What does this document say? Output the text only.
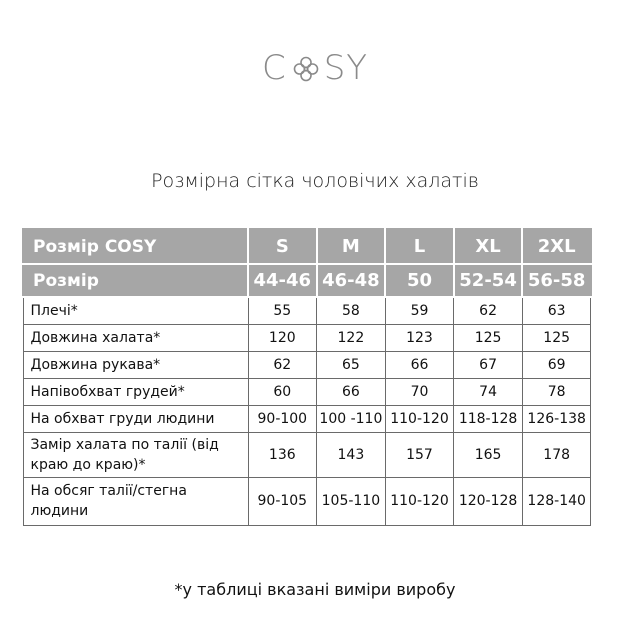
C SY
Розмірна сітка чоловічих халатів
Розмір COSY	S	M	L	XL	2XL
Розмір	44-46	46-48	50	52-54	56-58
Плечі*	55	58	59	62	63
Довжина халата*	120	122	123	125	125
Довжина рукава*	62	65	66	67	69
Напівобхват грудей*	60	66	70	74	78
На обхват груди людини	90-100	100 -110	110-120	118-128	126-138
Замір халата по талії (від краю до краю)*	136	143	157	165	178
На обсяг талії/стегна людини	90-105	105-110	110-120	120-128	128-140
*у таблиці вказані виміри виробу
